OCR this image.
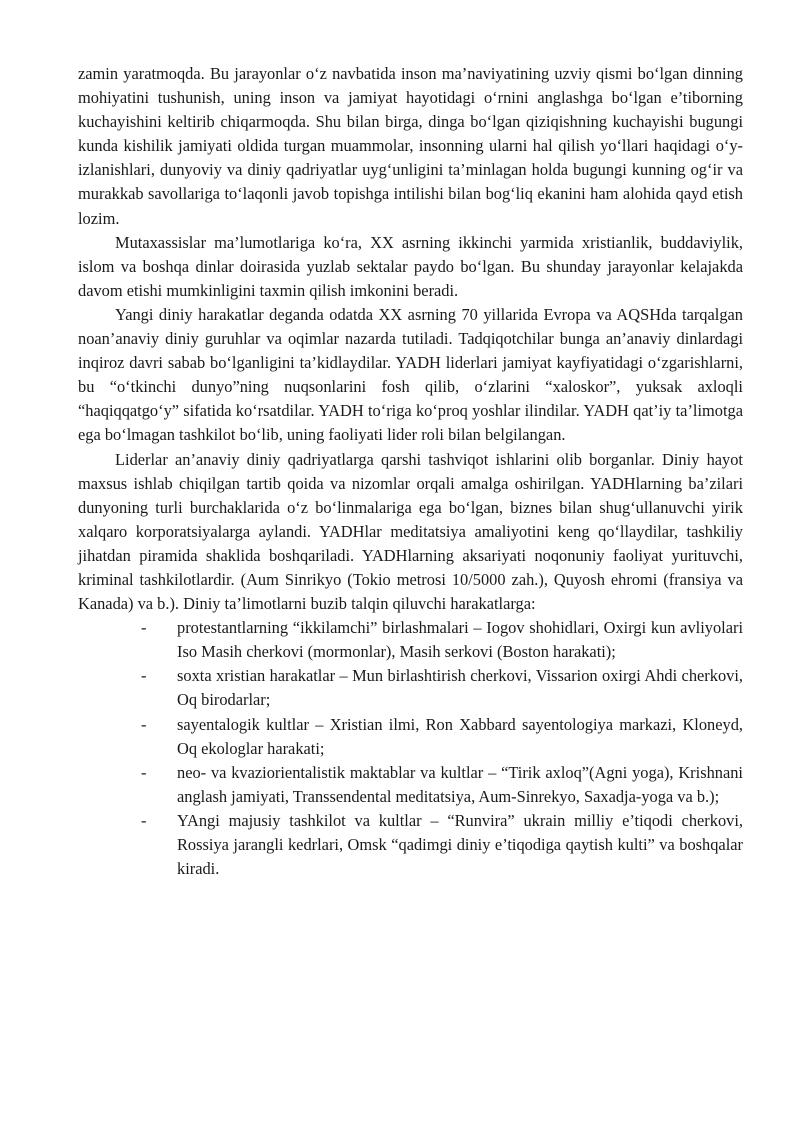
zamin yaratmoqda. Bu jarayonlar o‘z navbatida inson ma’naviyatining uzviy qismi bo‘lgan dinning mohiyatini tushunish, uning inson va jamiyat hayotidagi o‘rnini anglashga bo‘lgan e’tiborning kuchayishini keltirib chiqarmoqda. Shu bilan birga, dinga bo‘lgan qiziqishning kuchayishi bugungi kunda kishilik jamiyati oldida turgan muammolar, insonning ularni hal qilish yo‘llari haqidagi o‘y-izlanishlari, dunyoviy va diniy qadriyatlar uyg‘unligini ta’minlagan holda bugungi kunning og‘ir va murakkab savollariga to‘laqonli javob topishga intilishi bilan bog‘liq ekanini ham alohida qayd etish lozim.

Mutaxassislar ma’lumotlariga ko‘ra, XX asrning ikkinchi yarmida xristianlik, buddaviylik, islom va boshqa dinlar doirasida yuzlab sektalar paydo bo‘lgan. Bu shunday jarayonlar kelajakda davom etishi mumkinligini taxmin qilish imkonini beradi.

Yangi diniy harakatlar deganda odatda XX asrning 70 yillarida Evropa va AQSHda tarqalgan noan’anaviy diniy guruhlar va oqimlar nazarda tutiladi. Tadqiqotchilar bunga an’anaviy dinlardagi inqiroz davri sabab bo‘lganligini ta’kidlaydilar. YADH liderlari jamiyat kayfiyatidagi o‘zgarishlarni, bu “o‘tkinchi dunyo”ning nuqsonlarini fosh qilib, o‘zlarini “xaloskor”, yuksak axloqli “haqiqqatgo‘y” sifatida ko‘rsatdilar. YADH to‘riga ko‘proq yoshlar ilindilar. YADH qat’iy ta’limotga ega bo‘lmagan tashkilot bo‘lib, uning faoliyati lider roli bilan belgilangan.

Liderlar an’anaviy diniy qadriyatlarga qarshi tashviqot ishlarini olib borganlar. Diniy hayot maxsus ishlab chiqilgan tartib qoida va nizomlar orqali amalga oshirilgan. YADHlarning ba’zilari dunyoning turli burchaklarida o‘z bo‘linmalariga ega bo‘lgan, biznes bilan shug‘ullanuvchi yirik xalqaro korporatsiyalarga aylandi. YADHlar meditatsiya amaliyotini keng qo‘llaydilar, tashkiliy jihatdan piramida shaklida boshqariladi. YADHlarning aksariyati noqonuniy faoliyat yurituvchi, kriminal tashkilotlardir. (Aum Sinrikyo (Tokio metrosi 10/5000 zah.), Quyosh ehromi (fransiya va Kanada) va b.). Diniy ta’limotlarni buzib talqin qiluvchi harakatlarga:

- protestantlarning “ikkilamchi” birlashmalari – Iogov shohidlari, Oxirgi kun avliyolari Iso Masih cherkovi (mormonlar), Masih serkovi (Boston harakati);
- soxta xristian harakatlar – Mun birlashtirish cherkovi, Vissarion oxirgi Ahdi cherkovi, Oq birodarlar;
- sayentalogik kultlar – Xristian ilmi, Ron Xabbard sayentologiya markazi, Kloneyd, Oq ekologlar harakati;
- neo- va kvaziorientalistik maktablar va kultlar – “Tirik axloq”(Agni yoga), Krishnani anglash jamiyati, Transsendental meditatsiya, Aum-Sinrekyo, Saxadja-yoga va b.);
- YAngi majusiy tashkilot va kultlar – “Runvira” ukrain milliy e’tiqodi cherkovi, Rossiya jarangli kedrlari, Omsk “qadimgi diniy e’tiqodiga qaytish kulti” va boshqalar kiradi.
